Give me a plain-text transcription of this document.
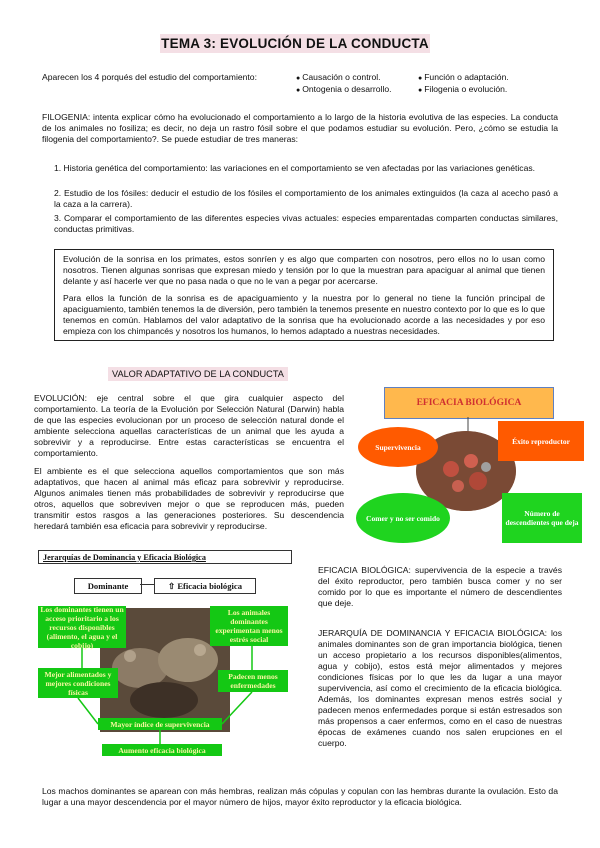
TEMA 3: EVOLUCIÓN DE LA CONDUCTA
Aparecen los 4 porqués del estudio del comportamiento:	● Causación o control.	● Función o adaptación.
● Ontogenia o desarrollo.	● Filogenia o evolución.
FILOGENIA: intenta explicar cómo ha evolucionado el comportamiento a lo largo de la historia evolutiva de las especies. La conducta de los animales no fosiliza; es decir, no deja un rastro fósil sobre el que podamos estudiar su evolución. Pero, ¿cómo se estudia la filogenia del comportamiento?. Se puede estudiar de tres maneras:
1. Historia genética del comportamiento: las variaciones en el comportamiento se ven afectadas por las variaciones genéticas.
2. Estudio de los fósiles: deducir el estudio de los fósiles el comportamiento de los animales extinguidos (la caza al acecho pasó a la caza a la carrera).
3. Comparar el comportamiento de las diferentes especies vivas actuales: especies emparentadas comparten conductas similares, conductas primitivas.
Evolución de la sonrisa en los primates, estos sonríen y es algo que comparten con nosotros, pero ellos no lo usan como nosotros. Tienen algunas sonrisas que expresan miedo y tensión por lo que la muestran para apaciguar al animal que tienen delante y así hacerle ver que no pasa nada o que no le van a pegar por acercarse.
Para ellos la función de la sonrisa es de apaciguamiento y la nuestra por lo general no tiene la función principal de apaciguamiento, también tenemos la de diversión, pero también la tenemos presente en nuestro contexto por lo que es lo que tenemos en común. Hablamos del valor adaptativo de la sonrisa que ha evolucionado acorde a las necesidades y por eso empieza con los chimpancés y nosotros los humanos, lo hemos adaptado a nuestras necesidades.
VALOR ADAPTATIVO DE LA CONDUCTA
EVOLUCIÓN: eje central sobre el que gira cualquier aspecto del comportamiento. La teoría de la Evolución por Selección Natural (Darwin) habla de que las especies evolucionan por un proceso de selección natural donde el ambiente selecciona aquellas características de un animal que les ayuda a sobrevivir y a reproducirse. Entre estas características se encuentra el comportamiento.
El ambiente es el que selecciona aquellos comportamientos que son más adaptativos, que hacen al animal más eficaz para sobrevivir y reproducirse. Algunos animales tienen más probabilidades de sobrevivir y reproducirse que otros, aquellos que sobreviven mejor o que se reproducen más, pueden transmitir estos rasgos a las generaciones posteriores. Su descendencia heredará también esa eficacia para sobrevivir y reproducirse.
EFICACIA BIOLÓGICA
Supervivencia
Éxito reproductor
Comer y no ser comido	Número de descendientes que deja
Jerarquías de Dominancia y Eficacia Biológica
Dominante	⇧ Eficacia biológica
Los dominantes tienen un acceso prioritario a los recursos disponibles (alimento, el agua y el cobijo)
Los animales dominantes experimentan menos estrés social
Mejor alimentados y mejores condiciones físicas
Padecen menos enfermedades
Mayor índice de supervivencia
Aumento eficacia biológica
EFICACIA BIOLÓGICA: supervivencia de la especie a través del éxito reproductor, pero también busca comer y no ser comido por lo que es importante el número de descendientes que deje.
JERARQUÍA DE DOMINANCIA Y EFICACIA BIOLÓGICA: los animales dominantes son de gran importancia biológica, tienen un acceso propietario a los recursos disponibles(alimentos, agua y cobijo), estos está mejor alimentados y mejores condiciones físicas por lo que les da lugar a una mayor supervivencia, así como el crecimiento de la eficacia biológica. Además, los dominantes expresan menos estrés social y padecen menos enfermedades porque si están estresados son más propensos a caer enfermos, como en el caso de nuestras épocas de exámenes cuando nos salen erupciones en el cuerpo.
Los machos dominantes se aparean con más hembras, realizan más cópulas y copulan con las hembras durante la ovulación. Esto da lugar a una mayor descendencia por el mayor número de hijos, mayor éxito reproductor y la eficacia biológica.
